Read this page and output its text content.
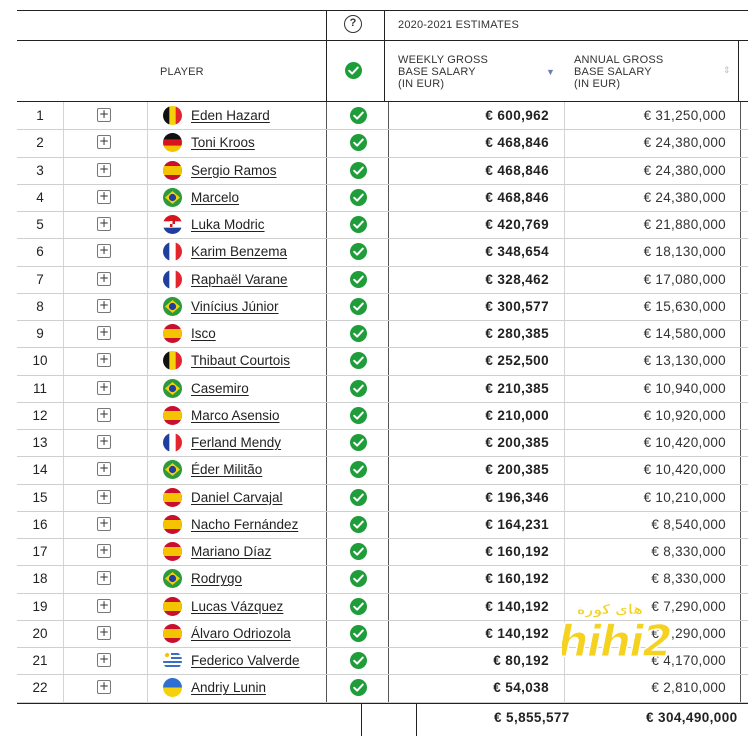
?	2020-2021 ESTIMATES
PLAYER
WEEKLY GROSS
BASE SALARY
(IN EUR)
▼
ANNUAL GROSS
BASE SALARY
(IN EUR)
⇕
1	+	Eden Hazard	€ 600,962	€ 31,250,000
2	+	Toni Kroos	€ 468,846	€ 24,380,000
3	+	Sergio Ramos	€ 468,846	€ 24,380,000
4	+	Marcelo	€ 468,846	€ 24,380,000
5	+	Luka Modric	€ 420,769	€ 21,880,000
6	+	Karim Benzema	€ 348,654	€ 18,130,000
7	+	Raphaël Varane	€ 328,462	€ 17,080,000
8	+	Vinícius Júnior	€ 300,577	€ 15,630,000
9	+	Isco	€ 280,385	€ 14,580,000
10	+	Thibaut Courtois	€ 252,500	€ 13,130,000
11	+	Casemiro	€ 210,385	€ 10,940,000
12	+	Marco Asensio	€ 210,000	€ 10,920,000
13	+	Ferland Mendy	€ 200,385	€ 10,420,000
14	+	Éder Militão	€ 200,385	€ 10,420,000
15	+	Daniel Carvajal	€ 196,346	€ 10,210,000
16	+	Nacho Fernández	€ 164,231	€ 8,540,000
17	+	Mariano Díaz	€ 160,192	€ 8,330,000
18	+	Rodrygo	€ 160,192	€ 8,330,000
19	+	Lucas Vázquez	€ 140,192	€ 7,290,000
20	+	Álvaro Odriozola	€ 140,192	€ 7,290,000
21	+	Federico Valverde	€ 80,192	€ 4,170,000
22	+	Andriy Lunin	€ 54,038	€ 2,810,000
€ 5,855,577	€ 304,490,000
هاي كورة
hihi2
